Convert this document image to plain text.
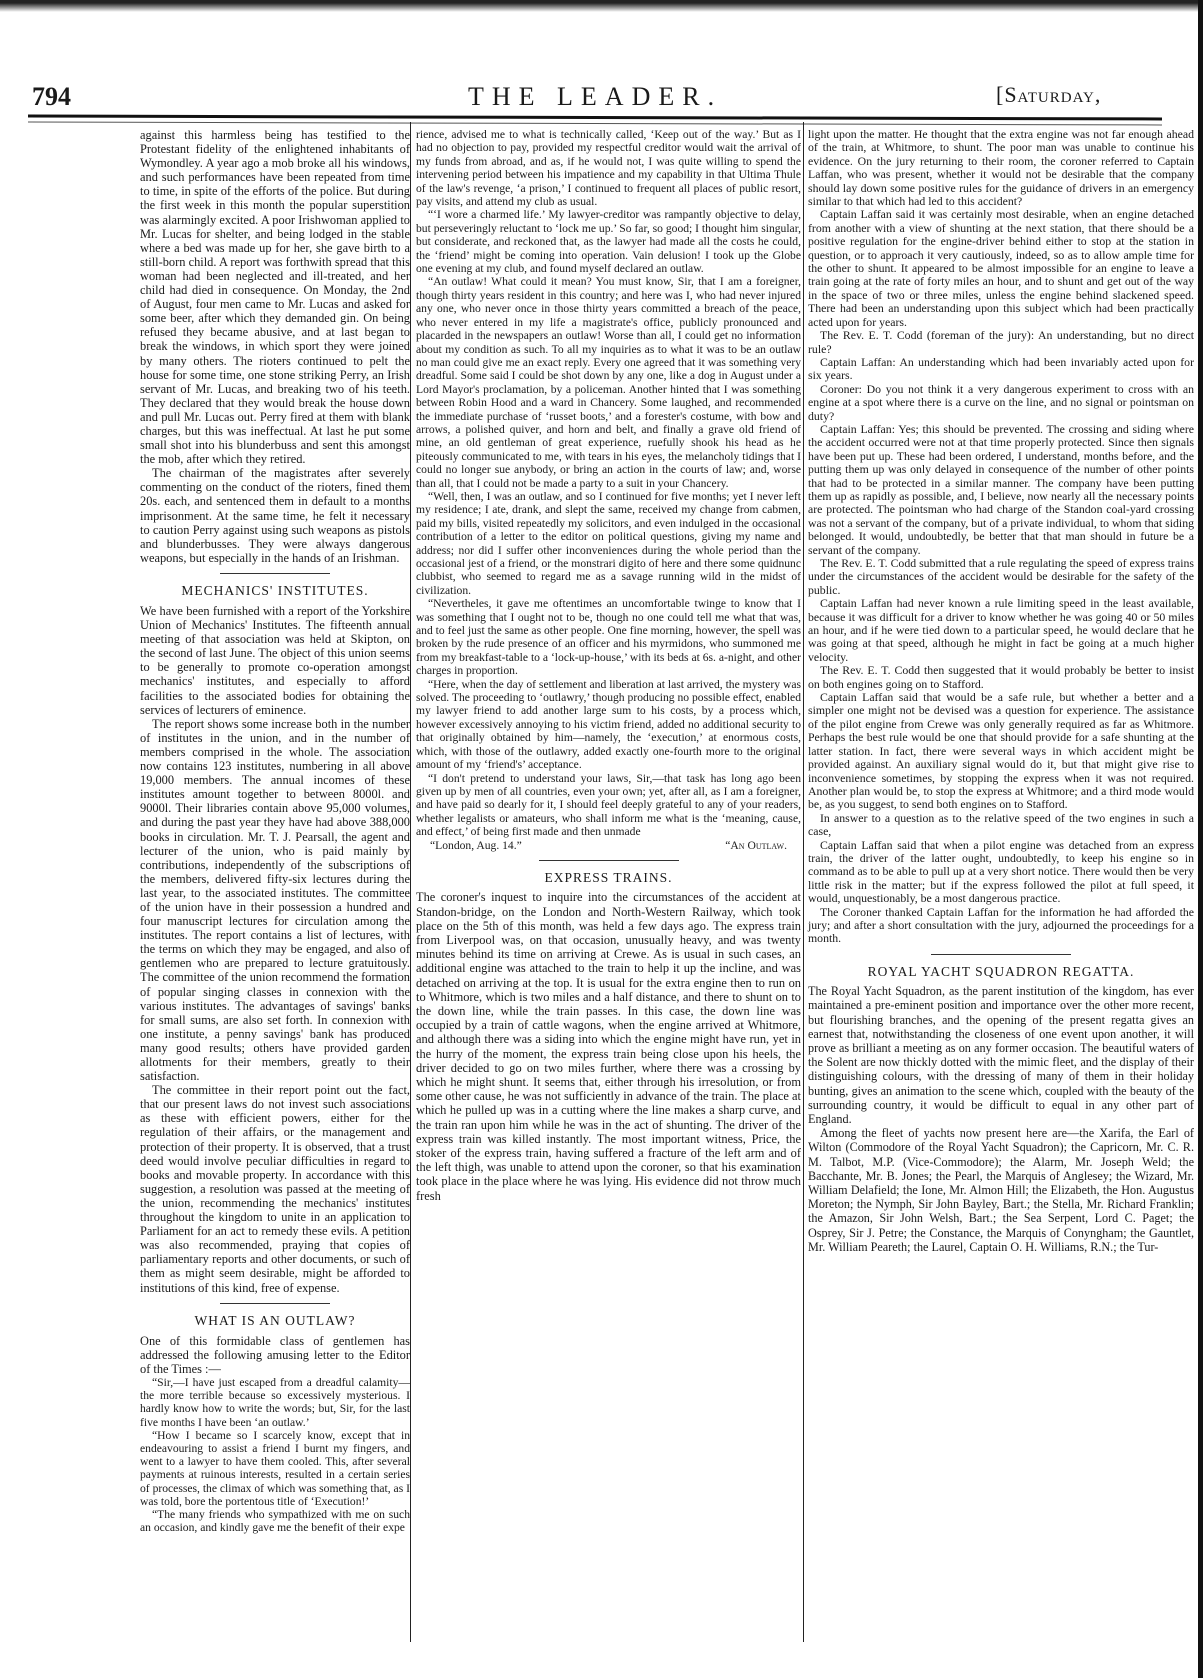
794	THE LEADER.	[Saturday,

against this harmless being has testified to the Protestant fidelity of the enlightened inhabitants of Wymondley. A year ago a mob broke all his windows, and such performances have been repeated from time to time, in spite of the efforts of the police. But during the first week in this month the popular superstition was alarmingly excited. A poor Irishwoman applied to Mr. Lucas for shelter, and being lodged in the stable where a bed was made up for her, she gave birth to a still-born child. A report was forthwith spread that this woman had been neglected and ill-treated, and her child had died in consequence. On Monday, the 2nd of August, four men came to Mr. Lucas and asked for some beer, after which they demanded gin. On being refused they became abusive, and at last began to break the windows, in which sport they were joined by many others. The rioters continued to pelt the house for some time, one stone striking Perry, an Irish servant of Mr. Lucas, and breaking two of his teeth. They declared that they would break the house down and pull Mr. Lucas out. Perry fired at them with blank charges, but this was ineffectual. At last he put some small shot into his blunderbuss and sent this amongst the mob, after which they retired.

The chairman of the magistrates after severely commenting on the conduct of the rioters, fined them 20s. each, and sentenced them in default to a months imprisonment. At the same time, he felt it necessary to caution Perry against using such weapons as pistols and blunderbusses. They were always dangerous weapons, but especially in the hands of an Irishman.

MECHANICS' INSTITUTES.

We have been furnished with a report of the Yorkshire Union of Mechanics' Institutes. The fifteenth annual meeting of that association was held at Skipton, on the second of last June. The object of this union seems to be generally to promote co-operation amongst mechanics' institutes, and especially to afford facilities to the associated bodies for obtaining the services of lecturers of eminence.

The report shows some increase both in the number of institutes in the union, and in the number of members comprised in the whole. The association now contains 123 institutes, numbering in all above 19,000 members. The annual incomes of these institutes amount together to between 8000l. and 9000l. Their libraries contain above 95,000 volumes, and during the past year they have had above 388,000 books in circulation. Mr. T. J. Pearsall, the agent and lecturer of the union, who is paid mainly by contributions, independently of the subscriptions of the members, delivered fifty-six lectures during the last year, to the associated institutes. The committee of the union have in their possession a hundred and four manuscript lectures for circulation among the institutes. The report contains a list of lectures, with the terms on which they may be engaged, and also of gentlemen who are prepared to lecture gratuitously. The committee of the union recommend the formation of popular singing classes in connexion with the various institutes. The advantages of savings' banks for small sums, are also set forth. In connexion with one institute, a penny savings' bank has produced many good results; others have provided garden allotments for their members, greatly to their satisfaction.

The committee in their report point out the fact, that our present laws do not invest such associations as these with efficient powers, either for the regulation of their affairs, or the management and protection of their property. It is observed, that a trust deed would involve peculiar difficulties in regard to books and movable property. In accordance with this suggestion, a resolution was passed at the meeting of the union, recommending the mechanics' institutes throughout the kingdom to unite in an application to Parliament for an act to remedy these evils. A petition was also recommended, praying that copies of parliamentary reports and other documents, or such of them as might seem desirable, might be afforded to institutions of this kind, free of expense.

WHAT IS AN OUTLAW?

One of this formidable class of gentlemen has addressed the following amusing letter to the Editor of the Times :—

“Sir,—I have just escaped from a dreadful calamity—the more terrible because so excessively mysterious. I hardly know how to write the words; but, Sir, for the last five months I have been ‘an outlaw.’

“How I became so I scarcely know, except that in endeavouring to assist a friend I burnt my fingers, and went to a lawyer to have them cooled. This, after several payments at ruinous interests, resulted in a certain series of processes, the climax of which was something that, as I was told, bore the portentous title of ‘Execution!’

“The many friends who sympathized with me on such an occasion, and kindly gave me the benefit of their expe

rience, advised me to what is technically called, ‘Keep out of the way.’ But as I had no objection to pay, provided my respectful creditor would wait the arrival of my funds from abroad, and as, if he would not, I was quite willing to spend the intervening period between his impatience and my capability in that Ultima Thule of the law's revenge, ‘a prison,’ I continued to frequent all places of public resort, pay visits, and attend my club as usual.

“‘I wore a charmed life.’ My lawyer-creditor was rampantly objective to delay, but perseveringly reluctant to ‘lock me up.’ So far, so good; I thought him singular, but considerate, and reckoned that, as the lawyer had made all the costs he could, the ‘friend’ might be coming into operation. Vain delusion! I took up the Globe one evening at my club, and found myself declared an outlaw.

“An outlaw! What could it mean? You must know, Sir, that I am a foreigner, though thirty years resident in this country; and here was I, who had never injured any one, who never once in those thirty years committed a breach of the peace, who never entered in my life a magistrate's office, publicly pronounced and placarded in the newspapers an outlaw! Worse than all, I could get no information about my condition as such. To all my inquiries as to what it was to be an outlaw no man could give me an exact reply. Every one agreed that it was something very dreadful. Some said I could be shot down by any one, like a dog in August under a Lord Mayor's proclamation, by a policeman. Another hinted that I was something between Robin Hood and a ward in Chancery. Some laughed, and recommended the immediate purchase of ‘russet boots,’ and a forester's costume, with bow and arrows, a polished quiver, and horn and belt, and finally a grave old friend of mine, an old gentleman of great experience, ruefully shook his head as he piteously communicated to me, with tears in his eyes, the melancholy tidings that I could no longer sue anybody, or bring an action in the courts of law; and, worse than all, that I could not be made a party to a suit in your Chancery.

“Well, then, I was an outlaw, and so I continued for five months; yet I never left my residence; I ate, drank, and slept the same, received my change from cabmen, paid my bills, visited repeatedly my solicitors, and even indulged in the occasional contribution of a letter to the editor on political questions, giving my name and address; nor did I suffer other inconveniences during the whole period than the occasional jest of a friend, or the monstrari digito of here and there some quidnunc clubbist, who seemed to regard me as a savage running wild in the midst of civilization.

“Nevertheles, it gave me oftentimes an uncomfortable twinge to know that I was something that I ought not to be, though no one could tell me what that was, and to feel just the same as other people. One fine morning, however, the spell was broken by the rude presence of an officer and his myrmidons, who summoned me from my breakfast-table to a ‘lock-up-house,’ with its beds at 6s. a-night, and other charges in proportion.

“Here, when the day of settlement and liberation at last arrived, the mystery was solved. The proceeding to ‘outlawry,’ though producing no possible effect, enabled my lawyer friend to add another large sum to his costs, by a process which, however excessively annoying to his victim friend, added no additional security to that originally obtained by him—namely, the ‘execution,’ at enormous costs, which, with those of the outlawry, added exactly one-fourth more to the original amount of my ‘friend's’ acceptance.

“I don't pretend to understand your laws, Sir,—that task has long ago been given up by men of all countries, even your own; yet, after all, as I am a foreigner, and have paid so dearly for it, I should feel deeply grateful to any of your readers, whether legalists or amateurs, who shall inform me what is the ‘meaning, cause, and effect,’ of being first made and then unmade

“London, Aug. 14.”	“An Outlaw.
EXPRESS TRAINS.

The coroner's inquest to inquire into the circumstances of the accident at Standon-bridge, on the London and North-Western Railway, which took place on the 5th of this month, was held a few days ago. The express train from Liverpool was, on that occasion, unusually heavy, and was twenty minutes behind its time on arriving at Crewe. As is usual in such cases, an additional engine was attached to the train to help it up the incline, and was detached on arriving at the top. It is usual for the extra engine then to run on to Whitmore, which is two miles and a half distance, and there to shunt on to the down line, while the train passes. In this case, the down line was occupied by a train of cattle wagons, when the engine arrived at Whitmore, and although there was a siding into which the engine might have run, yet in the hurry of the moment, the express train being close upon his heels, the driver decided to go on two miles further, where there was a crossing by which he might shunt. It seems that, either through his irresolution, or from some other cause, he was not sufficiently in advance of the train. The place at which he pulled up was in a cutting where the line makes a sharp curve, and the train ran upon him while he was in the act of shunting. The driver of the express train was killed instantly. The most important witness, Price, the stoker of the express train, having suffered a fracture of the left arm and of the left thigh, was unable to attend upon the coroner, so that his examination took place in the place where he was lying. His evidence did not throw much fresh

light upon the matter. He thought that the extra engine was not far enough ahead of the train, at Whitmore, to shunt. The poor man was unable to continue his evidence. On the jury returning to their room, the coroner referred to Captain Laffan, who was present, whether it would not be desirable that the company should lay down some positive rules for the guidance of drivers in an emergency similar to that which had led to this accident?

Captain Laffan said it was certainly most desirable, when an engine detached from another with a view of shunting at the next station, that there should be a positive regulation for the engine-driver behind either to stop at the station in question, or to approach it very cautiously, indeed, so as to allow ample time for the other to shunt. It appeared to be almost impossible for an engine to leave a train going at the rate of forty miles an hour, and to shunt and get out of the way in the space of two or three miles, unless the engine behind slackened speed. There had been an understanding upon this subject which had been practically acted upon for years.

The Rev. E. T. Codd (foreman of the jury): An understanding, but no direct rule?

Captain Laffan: An understanding which had been invariably acted upon for six years.

Coroner: Do you not think it a very dangerous experiment to cross with an engine at a spot where there is a curve on the line, and no signal or pointsman on duty?

Captain Laffan: Yes; this should be prevented. The crossing and siding where the accident occurred were not at that time properly protected. Since then signals have been put up. These had been ordered, I understand, months before, and the putting them up was only delayed in consequence of the number of other points that had to be protected in a similar manner. The company have been putting them up as rapidly as possible, and, I believe, now nearly all the necessary points are protected. The pointsman who had charge of the Standon coal-yard crossing was not a servant of the company, but of a private individual, to whom that siding belonged. It would, undoubtedly, be better that that man should in future be a servant of the company.

The Rev. E. T. Codd submitted that a rule regulating the speed of express trains under the circumstances of the accident would be desirable for the safety of the public.

Captain Laffan had never known a rule limiting speed in the least available, because it was difficult for a driver to know whether he was going 40 or 50 miles an hour, and if he were tied down to a particular speed, he would declare that he was going at that speed, although he might in fact be going at a much higher velocity.

The Rev. E. T. Codd then suggested that it would probably be better to insist on both engines going on to Stafford.

Captain Laffan said that would be a safe rule, but whether a better and a simpler one might not be devised was a question for experience. The assistance of the pilot engine from Crewe was only generally required as far as Whitmore. Perhaps the best rule would be one that should provide for a safe shunting at the latter station. In fact, there were several ways in which accident might be provided against. An auxiliary signal would do it, but that might give rise to inconvenience sometimes, by stopping the express when it was not required. Another plan would be, to stop the express at Whitmore; and a third mode would be, as you suggest, to send both engines on to Stafford.

In answer to a question as to the relative speed of the two engines in such a case,

Captain Laffan said that when a pilot engine was detached from an express train, the driver of the latter ought, undoubtedly, to keep his engine so in command as to be able to pull up at a very short notice. There would then be very little risk in the matter; but if the express followed the pilot at full speed, it would, unquestionably, be a most dangerous practice.

The Coroner thanked Captain Laffan for the information he had afforded the jury; and after a short consultation with the jury, adjourned the proceedings for a month.

ROYAL YACHT SQUADRON REGATTA.

The Royal Yacht Squadron, as the parent institution of the kingdom, has ever maintained a pre-eminent position and importance over the other more recent, but flourishing branches, and the opening of the present regatta gives an earnest that, notwithstanding the closeness of one event upon another, it will prove as brilliant a meeting as on any former occasion. The beautiful waters of the Solent are now thickly dotted with the mimic fleet, and the display of their distinguishing colours, with the dressing of many of them in their holiday bunting, gives an animation to the scene which, coupled with the beauty of the surrounding country, it would be difficult to equal in any other part of England.

Among the fleet of yachts now present here are—the Xarifa, the Earl of Wilton (Commodore of the Royal Yacht Squadron); the Capricorn, Mr. C. R. M. Talbot, M.P. (Vice-Commodore); the Alarm, Mr. Joseph Weld; the Bacchante, Mr. B. Jones; the Pearl, the Marquis of Anglesey; the Wizard, Mr. William Delafield; the Ione, Mr. Almon Hill; the Elizabeth, the Hon. Augustus Moreton; the Nymph, Sir John Bayley, Bart.; the Stella, Mr. Richard Franklin; the Amazon, Sir John Welsh, Bart.; the Sea Serpent, Lord C. Paget; the Osprey, Sir J. Petre; the Constance, the Marquis of Conyngham; the Gauntlet, Mr. William Peareth; the Laurel, Captain O. H. Williams, R.N.; the Tur-
